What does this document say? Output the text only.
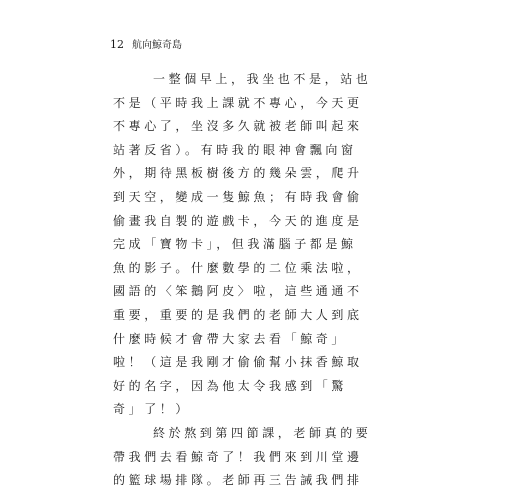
12 航向鯨奇島
一整個早上，我坐也不是，站也
不是（平時我上課就不專心，今天更
不專心了，坐沒多久就被老師叫起來
站著反省）。有時我的眼神會飄向窗
外，期待黑板樹後方的幾朵雲，爬升
到天空，變成一隻鯨魚；有時我會偷
偷畫我自製的遊戲卡，今天的進度是
完成「寶物卡」，但我滿腦子都是鯨
魚的影子。什麼數學的二位乘法啦，
國語的〈笨鵝阿皮〉啦，這些通通不
重要，重要的是我們的老師大人到底
什麼時候才會帶大家去看「鯨奇」
啦！（這是我剛才偷偷幫小抹香鯨取
好的名字，因為他太令我感到「驚
奇」了！）
終於熬到第四節課，老師真的要
帶我們去看鯨奇了！我們來到川堂邊
的籃球場排隊。老師再三告誡我們排
